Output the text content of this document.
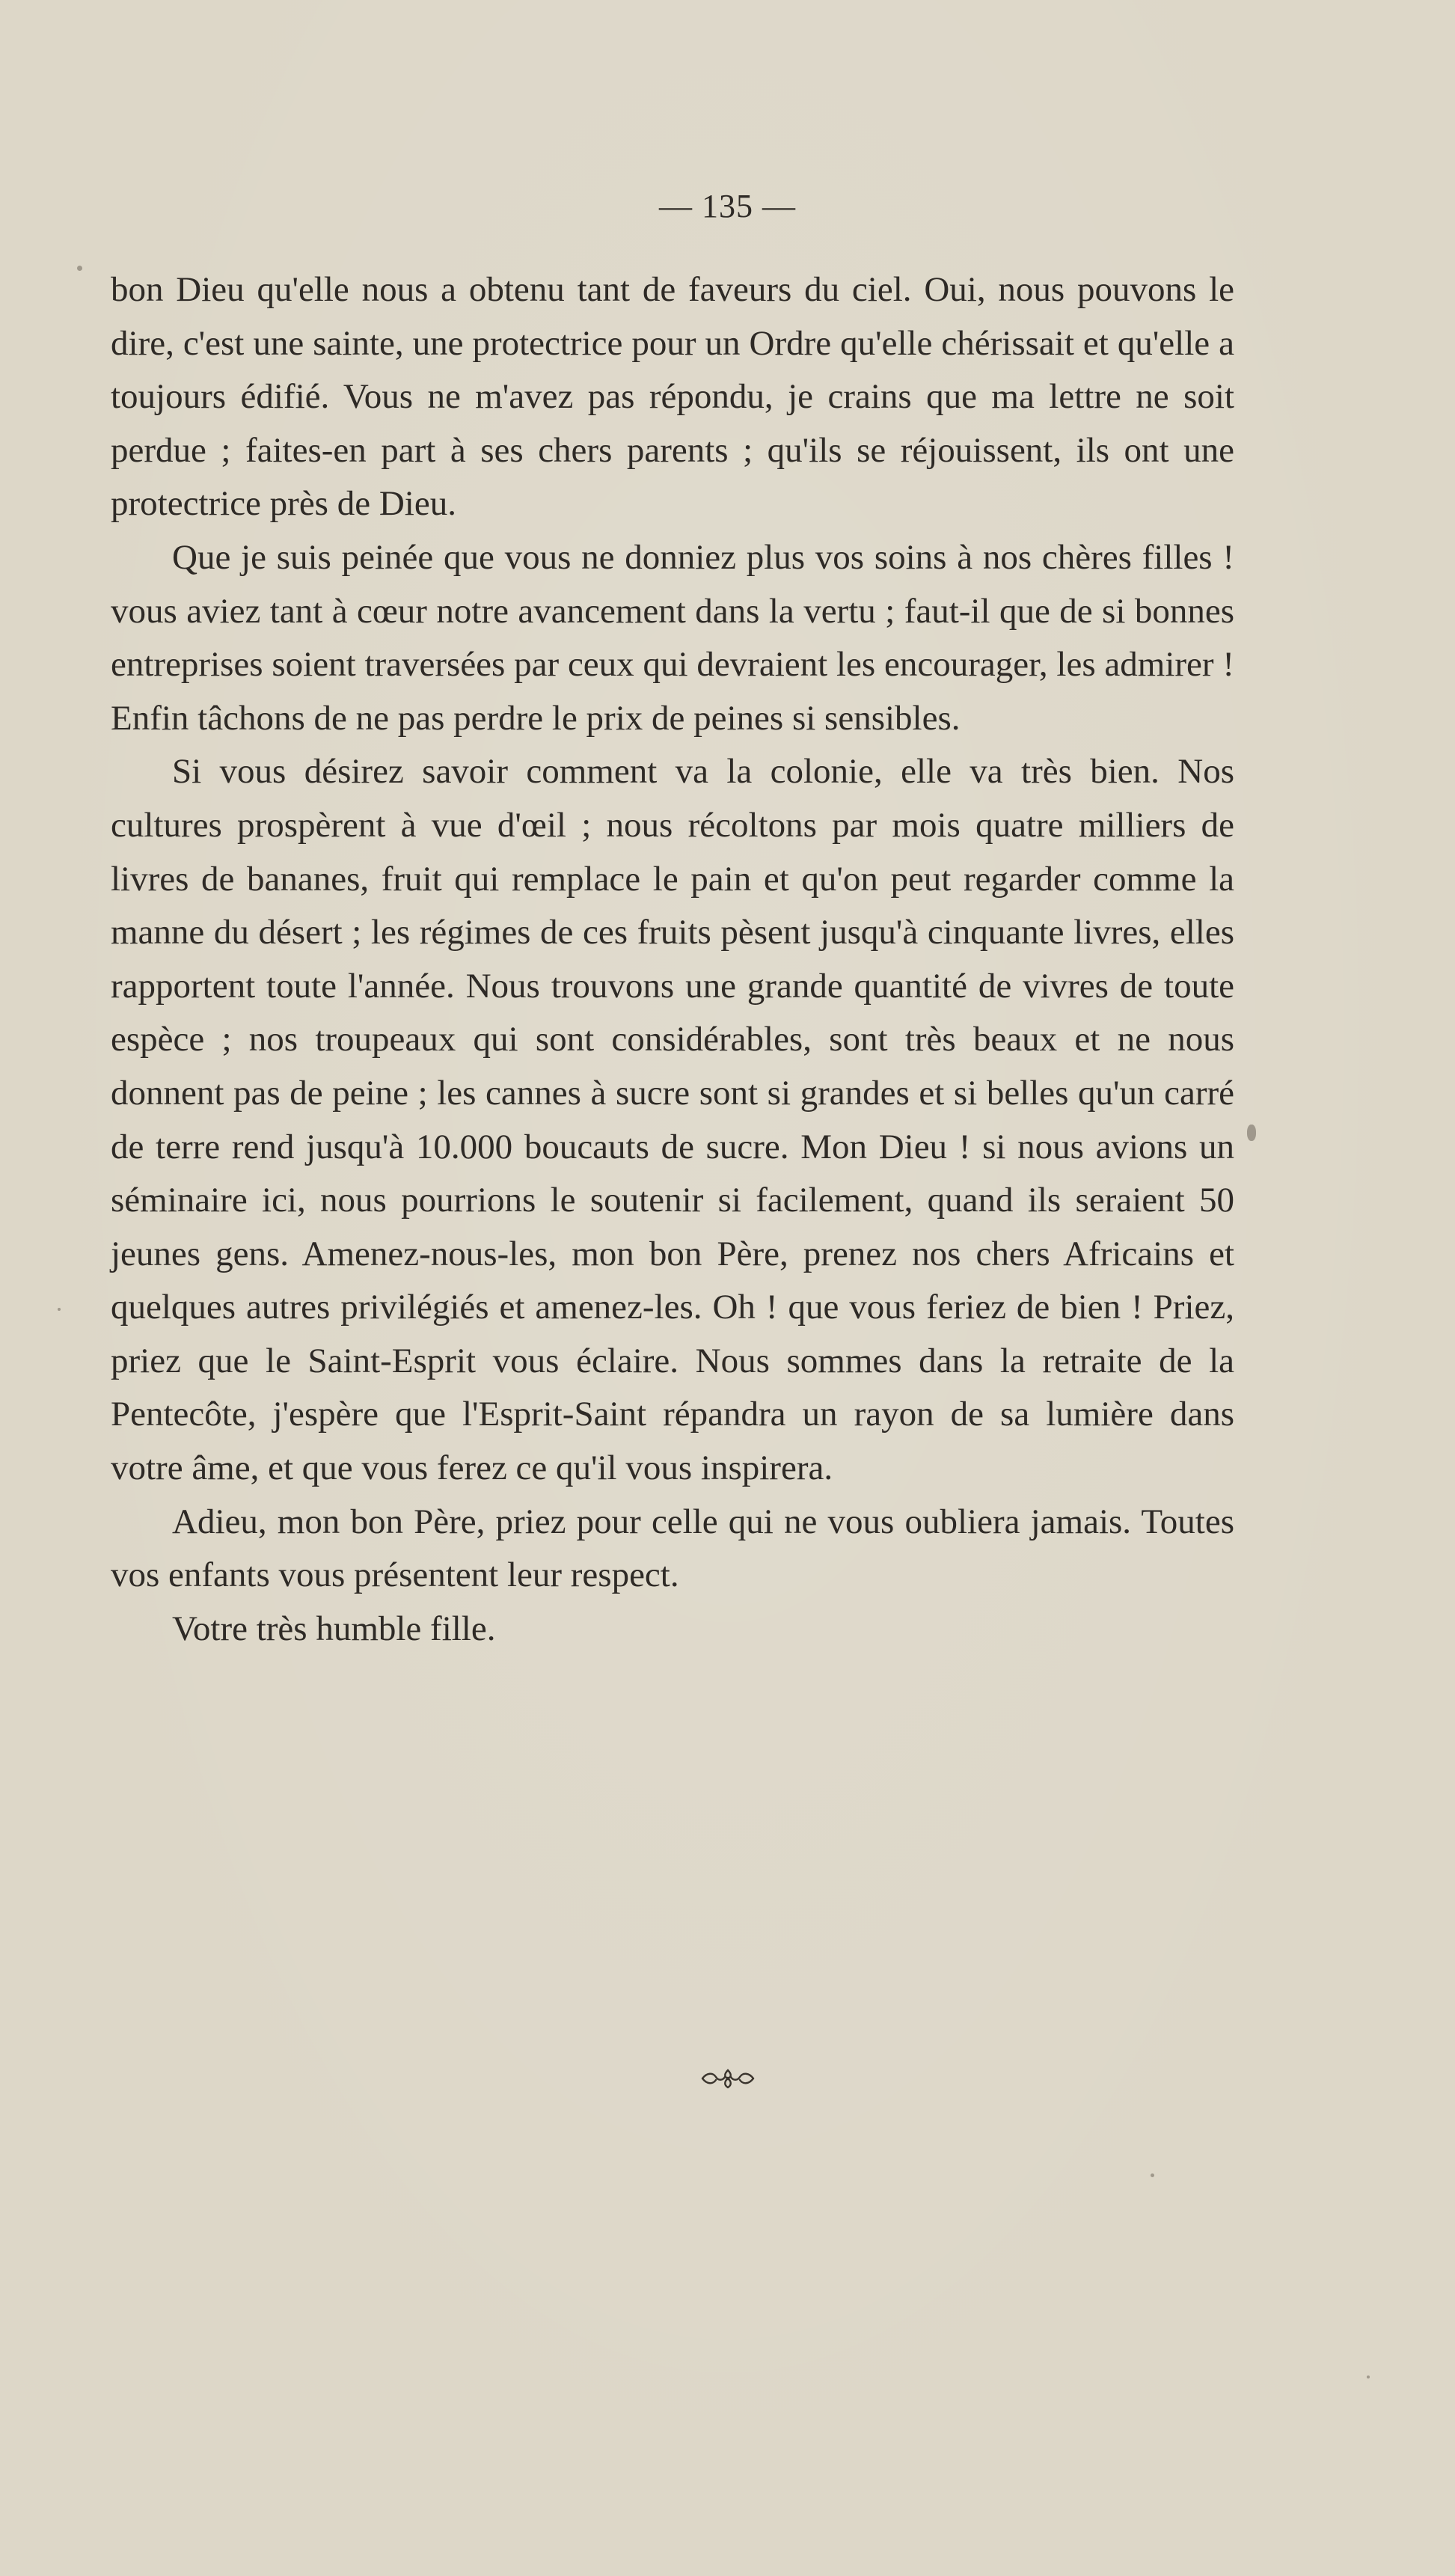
— 135 —

bon Dieu qu'elle nous a obtenu tant de faveurs du ciel. Oui, nous pouvons le dire, c'est une sainte, une protectrice pour un Ordre qu'elle chérissait et qu'elle a toujours édifié. Vous ne m'avez pas répondu, je crains que ma lettre ne soit perdue ; faites-en part à ses chers parents ; qu'ils se réjouissent, ils ont une protectrice près de Dieu.

Que je suis peinée que vous ne donniez plus vos soins à nos chères filles ! vous aviez tant à cœur notre avancement dans la vertu ; faut-il que de si bonnes entreprises soient traversées par ceux qui devraient les encourager, les admirer ! Enfin tâchons de ne pas perdre le prix de peines si sensibles.

Si vous désirez savoir comment va la colonie, elle va très bien. Nos cultures prospèrent à vue d'œil ; nous récoltons par mois quatre milliers de livres de bananes, fruit qui remplace le pain et qu'on peut regarder comme la manne du désert ; les régimes de ces fruits pèsent jusqu'à cinquante livres, elles rapportent toute l'année. Nous trouvons une grande quantité de vivres de toute espèce ; nos troupeaux qui sont considérables, sont très beaux et ne nous donnent pas de peine ; les cannes à sucre sont si grandes et si belles qu'un carré de terre rend jusqu'à 10.000 boucauts de sucre. Mon Dieu ! si nous avions un séminaire ici, nous pourrions le soutenir si facilement, quand ils seraient 50 jeunes gens. Amenez-nous-les, mon bon Père, prenez nos chers Africains et quelques autres privilégiés et amenez-les. Oh ! que vous feriez de bien ! Priez, priez que le Saint-Esprit vous éclaire. Nous sommes dans la retraite de la Pentecôte, j'espère que l'Esprit-Saint répandra un rayon de sa lumière dans votre âme, et que vous ferez ce qu'il vous inspirera.

Adieu, mon bon Père, priez pour celle qui ne vous oubliera jamais. Toutes vos enfants vous présentent leur respect.

Votre très humble fille.
